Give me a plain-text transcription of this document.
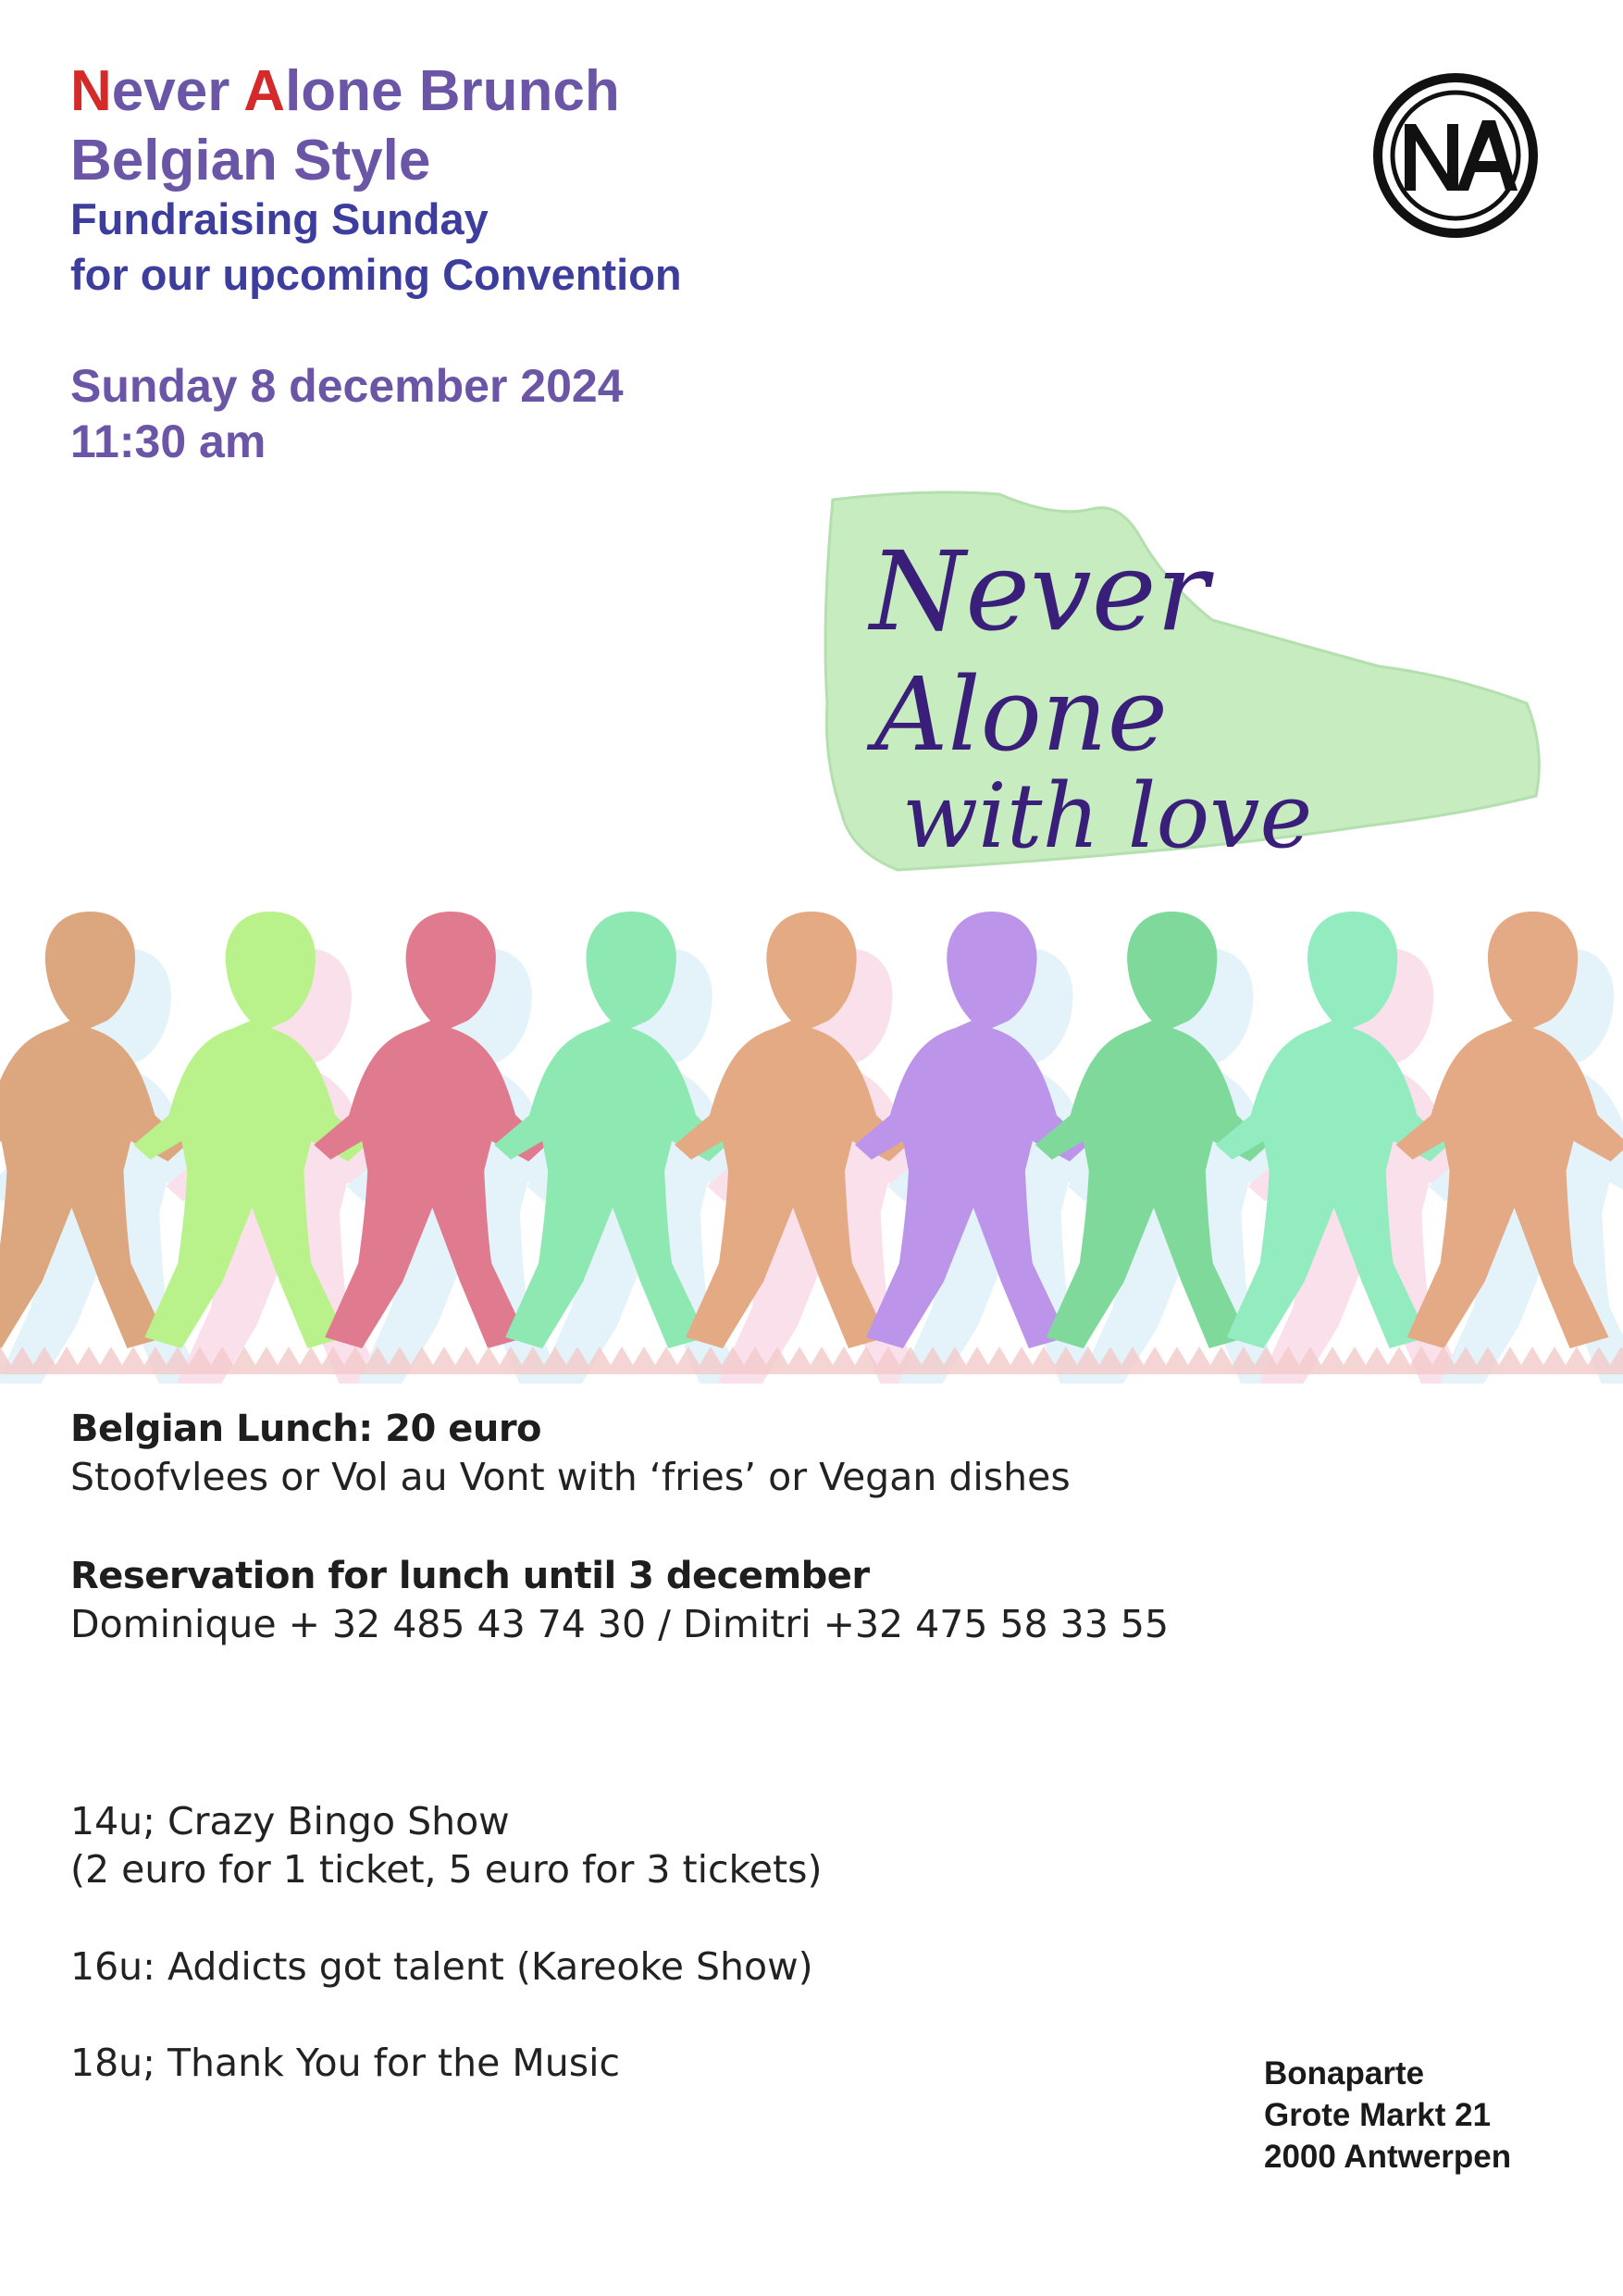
Never Alone Brunch
Belgian Style
Fundraising Sunday
for our upcoming Convention
Sunday 8 december 2024
11:30 am
Never
Alone
with love
Belgian Lunch: 20 euro
Stoofvlees or Vol au Vont with ‘fries’ or Vegan dishes
Reservation for lunch until 3 december
Dominique + 32 485 43 74 30 / Dimitri +32 475 58 33 55
14u; Crazy Bingo Show
(2 euro for 1 ticket, 5 euro for 3 tickets)
16u: Addicts got talent (Kareoke Show)
18u; Thank You for the Music	Bonaparte
Grote Markt 21
2000 Antwerpen
